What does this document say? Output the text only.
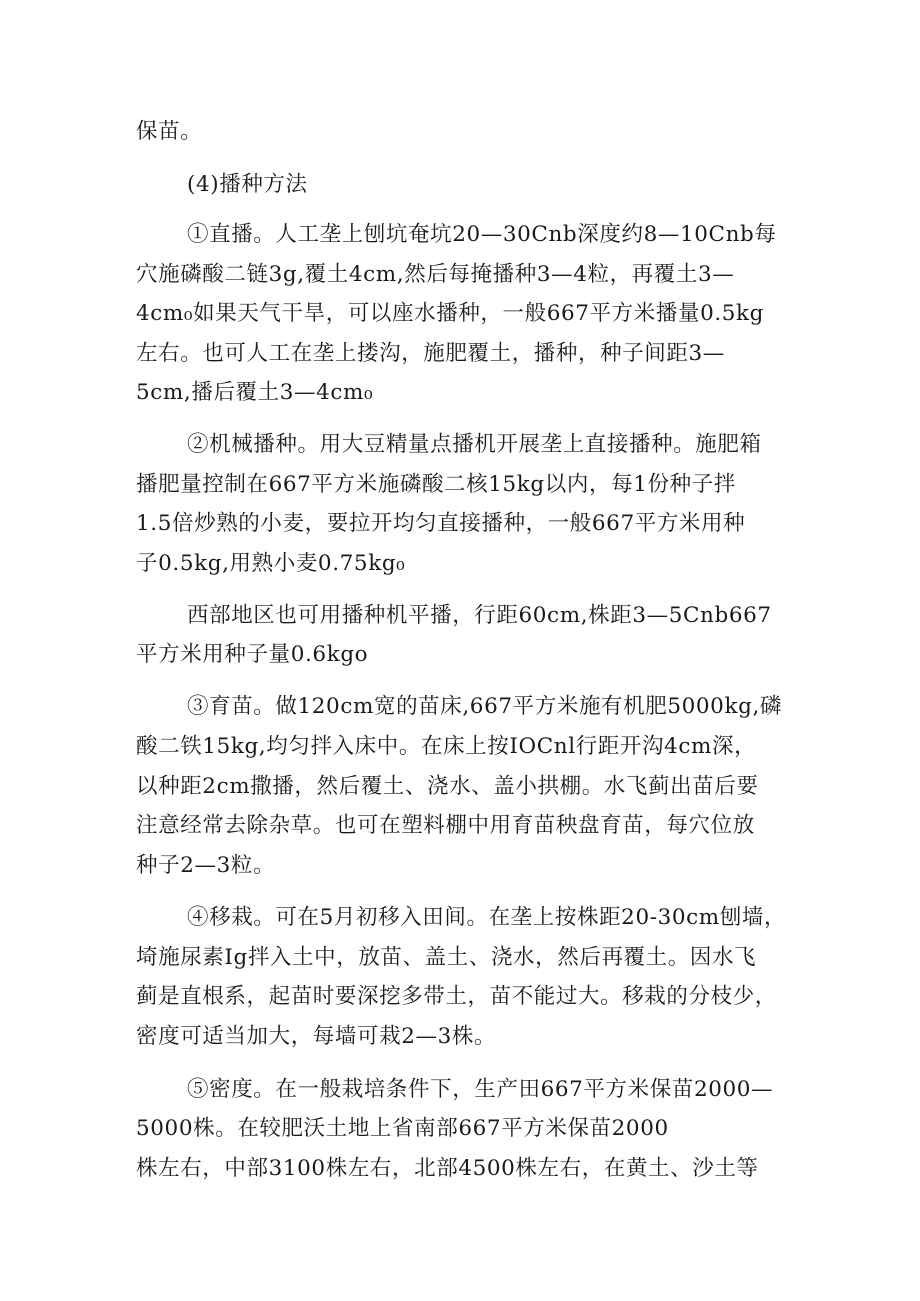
保苗。
(4)播种方法
①直播。人工垄上刨坑奄坑20—30Cnb深度约8—10Cnb每
穴施磷酸二链3g,覆土4cm,然后每掩播种3—4粒，再覆土3—
4cm₀如果天气干旱，可以座水播种，一般667平方米播量0.5kg
左右。也可人工在垄上搂沟，施肥覆土，播种，种子间距3—
5cm,播后覆土3—4cm₀
②机械播种。用大豆精量点播机开展垄上直接播种。施肥箱
播肥量控制在667平方米施磷酸二核15kg以内，每1份种子拌
1.5倍炒熟的小麦，要拉开均匀直接播种，一般667平方米用种
子0.5kg,用熟小麦0.75kg₀
西部地区也可用播种机平播，行距60cm,株距3—5Cnb667
平方米用种子量0.6kgo
③育苗。做120cm宽的苗床,667平方米施有机肥5000kg,磷
酸二铁15kg,均匀拌入床中。在床上按IOCnl行距开沟4cm深，
以种距2cm撒播，然后覆土、浇水、盖小拱棚。水飞蓟出苗后要
注意经常去除杂草。也可在塑料棚中用育苗秧盘育苗，每穴位放
种子2—3粒。
④移栽。可在5月初移入田间。在垄上按株距20-30cm刨墙，
埼施尿素Ig拌入土中，放苗、盖土、浇水，然后再覆土。因水飞
蓟是直根系，起苗时要深挖多带土，苗不能过大。移栽的分枝少，
密度可适当加大，每墙可栽2—3株。
⑤密度。在一般栽培条件下，生产田667平方米保苗2000—
5000株。在较肥沃土地上省南部667平方米保苗2000
株左右，中部3100株左右，北部4500株左右，在黄土、沙土等
